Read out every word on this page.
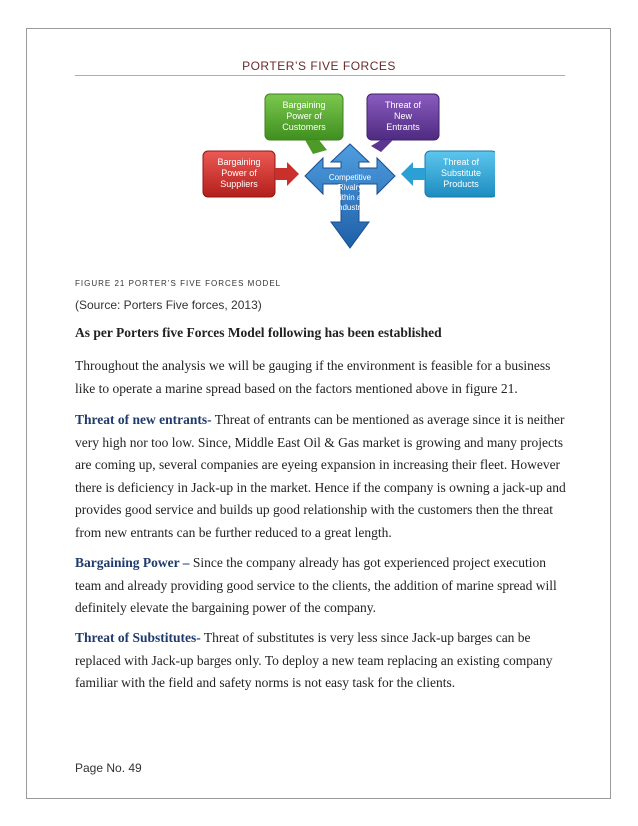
PORTER’S FIVE FORCES
Bargaining
Power of
Customers
Threat of
New
Entrants
Bargaining
Power of
Suppliers
Threat of
Substitute
Products
Competitive
Rivalry
within an
Industry
FIGURE 21 PORTER’S FIVE FORCES MODEL
(Source: Porters Five forces, 2013)
As per Porters five Forces Model following has been established
Throughout the analysis we will be gauging if the environment is feasible for a business like to operate a marine spread based on the factors mentioned above in figure 21.
Threat of new entrants- Threat of entrants can be mentioned as average since it is neither very high nor too low. Since, Middle East Oil & Gas market is growing and many projects are coming up, several companies are eyeing expansion in increasing their fleet. However there is deficiency in Jack-up in the market. Hence if the company is owning a jack-up and provides good service and builds up good relationship with the customers then the threat from new entrants can be further reduced to a great length.
Bargaining Power – Since the company already has got experienced project execution team and already providing good service to the clients, the addition of marine spread will definitely elevate the bargaining power of the company.
Threat of Substitutes- Threat of substitutes is very less since Jack-up barges can be replaced with Jack-up barges only. To deploy a new team replacing an existing company familiar with the field and safety norms is not easy task for the clients.
Page No. 49
